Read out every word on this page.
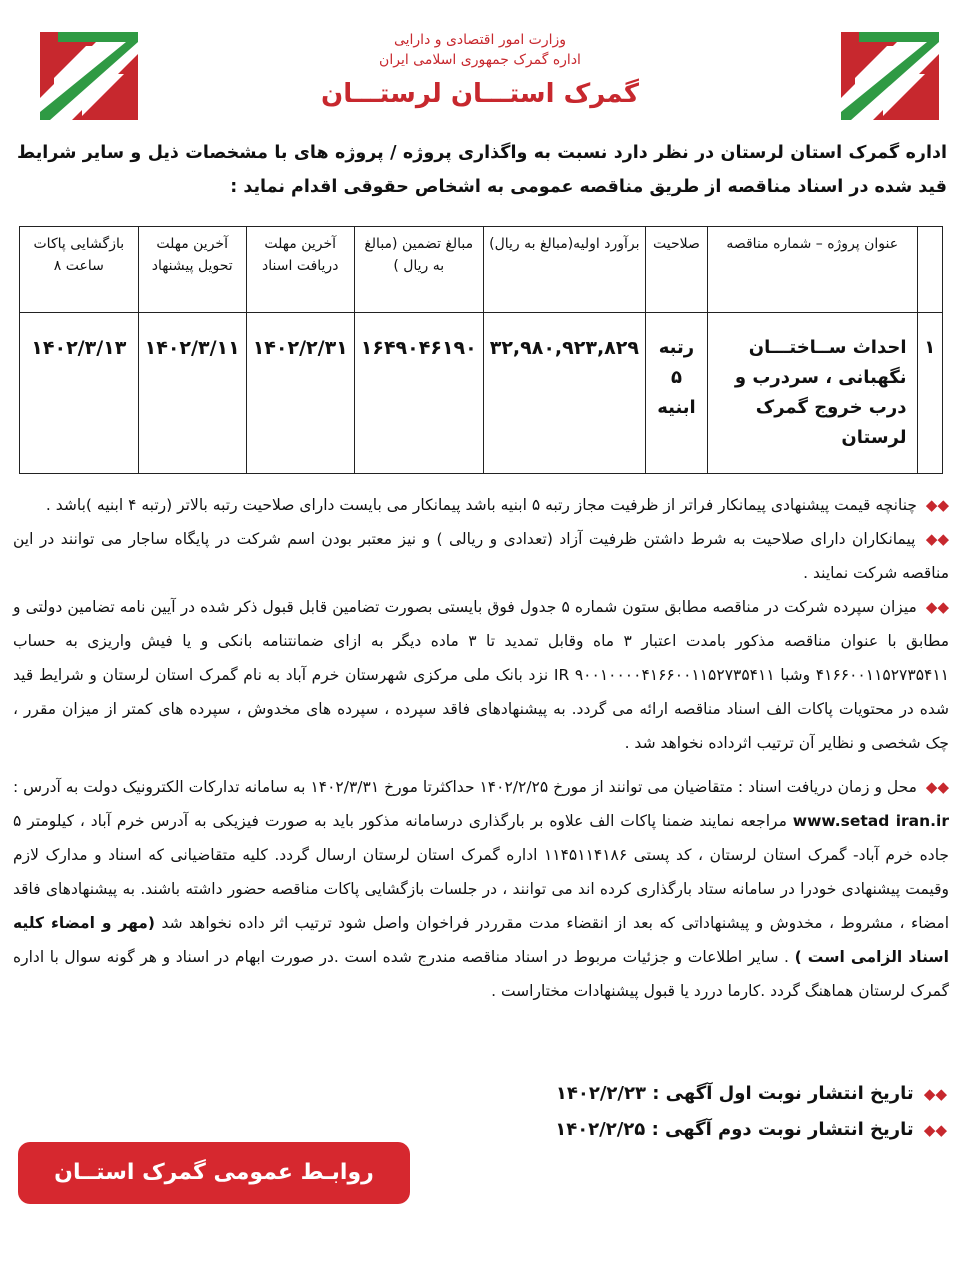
وزارت امور اقتصادی و دارایی
اداره گمرک جمهوری اسلامی ایران
گمرک استـــان لرستـــان
اداره گمرک استان لرستان در نظر دارد نسبت به واگذاری پروژه / پروژه های با مشخصات ذیل و سایر شرایط قید شده در اسناد مناقصه از طریق مناقصه عمومی به اشخاص حقوقی اقدام نماید :
	عنوان پروژه – شماره مناقصه	صلاحیت	برآورد اولیه(مبالغ به ریال)	مبالغ تضمین (مبالغ به ریال )	آخرین مهلت دریافت اسناد	آخرین مهلت تحویل پیشنهاد	بازگشایی پاکات ساعت ۸
۱	احداث ســاختـــان نگهبانی ، سردرب و درب خروج گمرک لرستان	رتبه ۵ ابنیه	۳۲,۹۸۰,۹۲۳,۸۲۹	۱۶۴۹۰۴۶۱۹۰	۱۴۰۲/۲/۳۱	۱۴۰۲/۳/۱۱	۱۴۰۲/۳/۱۳

◆◆ چنانچه قیمت پیشنهادی پیمانکار فراتر از ظرفیت مجاز رتبه ۵ ابنیه باشد پیمانکار می بایست دارای صلاحیت رتبه بالاتر (رتبه ۴ ابنیه )باشد .

◆◆ پیمانکاران دارای صلاحیت به شرط داشتن ظرفیت آزاد (تعدادی و ریالی ) و نیز معتبر بودن اسم شرکت در پایگاه ساجار می توانند در این مناقصه شرکت نمایند .

◆◆ میزان سپرده شرکت در مناقصه مطابق ستون شماره ۵ جدول فوق بایستی بصورت تضامین قابل قبول ذکر شده در آیین نامه تضامین دولتی و مطابق با عنوان مناقصه مذکور بامدت اعتبار ۳ ماه وقابل تمدید تا ۳ ماده دیگر به ازای ضمانتنامه بانکی و یا فیش واریزی به حساب ۴۱۶۶۰۰۱۱۵۲۷۳۵۴۱۱ وشبا IR ۹۰۰۱۰۰۰۰۴۱۶۶۰۰۱۱۵۲۷۳۵۴۱۱ نزد بانک ملی مرکزی شهرستان خرم آباد به نام گمرک استان لرستان و شرایط قید شده در محتویات پاکات الف اسناد مناقصه ارائه می گردد. به پیشنهادهای فاقد سپرده ، سپرده های مخدوش ، سپرده های کمتر از میزان مقرر ، چک شخصی و نظایر آن ترتیب اثرداده نخواهد شد .

◆◆ محل و زمان دریافت اسناد : متقاضیان می توانند از مورخ ۱۴۰۲/۲/۲۵ حداکثرتا مورخ ۱۴۰۲/۳/۳۱ به سامانه تدارکات الکترونیک دولت به آدرس : www.setad iran.ir مراجعه نمایند ضمنا پاکات الف علاوه بر بارگذاری درسامانه مذکور باید به صورت فیزیکی به آدرس خرم آباد ، کیلومتر ۵ جاده خرم آباد- گمرک استان لرستان ، کد پستی ۱۱۴۵۱۱۴۱۸۶ اداره گمرک استان لرستان ارسال گردد. کلیه متقاضیانی که اسناد و مدارک لازم وقیمت پیشنهادی خودرا در سامانه ستاد بارگذاری کرده اند می توانند ، در جلسات بازگشایی پاکات مناقصه حضور داشته باشند. به پیشنهادهای فاقد امضاء ، مشروط ، مخدوش و پیشنهاداتی که بعد از انقضاء مدت مقرردر فراخوان واصل شود ترتیب اثر داده نخواهد شد (مهر و امضاء کلیه اسناد الزامی است ) . سایر اطلاعات و جزئیات مربوط در اسناد مناقصه مندرج شده است .در صورت ابهام در اسناد و هر گونه سوال با اداره گمرک لرستان هماهنگ گردد .کارما دررد یا قبول پیشنهادات مختاراست .

◆◆ تاریخ انتشار نوبت اول آگهی : ۱۴۰۲/۲/۲۳
◆◆ تاریخ انتشار نوبت دوم آگهی : ۱۴۰۲/۲/۲۵
روابـط عمومی گمرک استــان لرستــان
